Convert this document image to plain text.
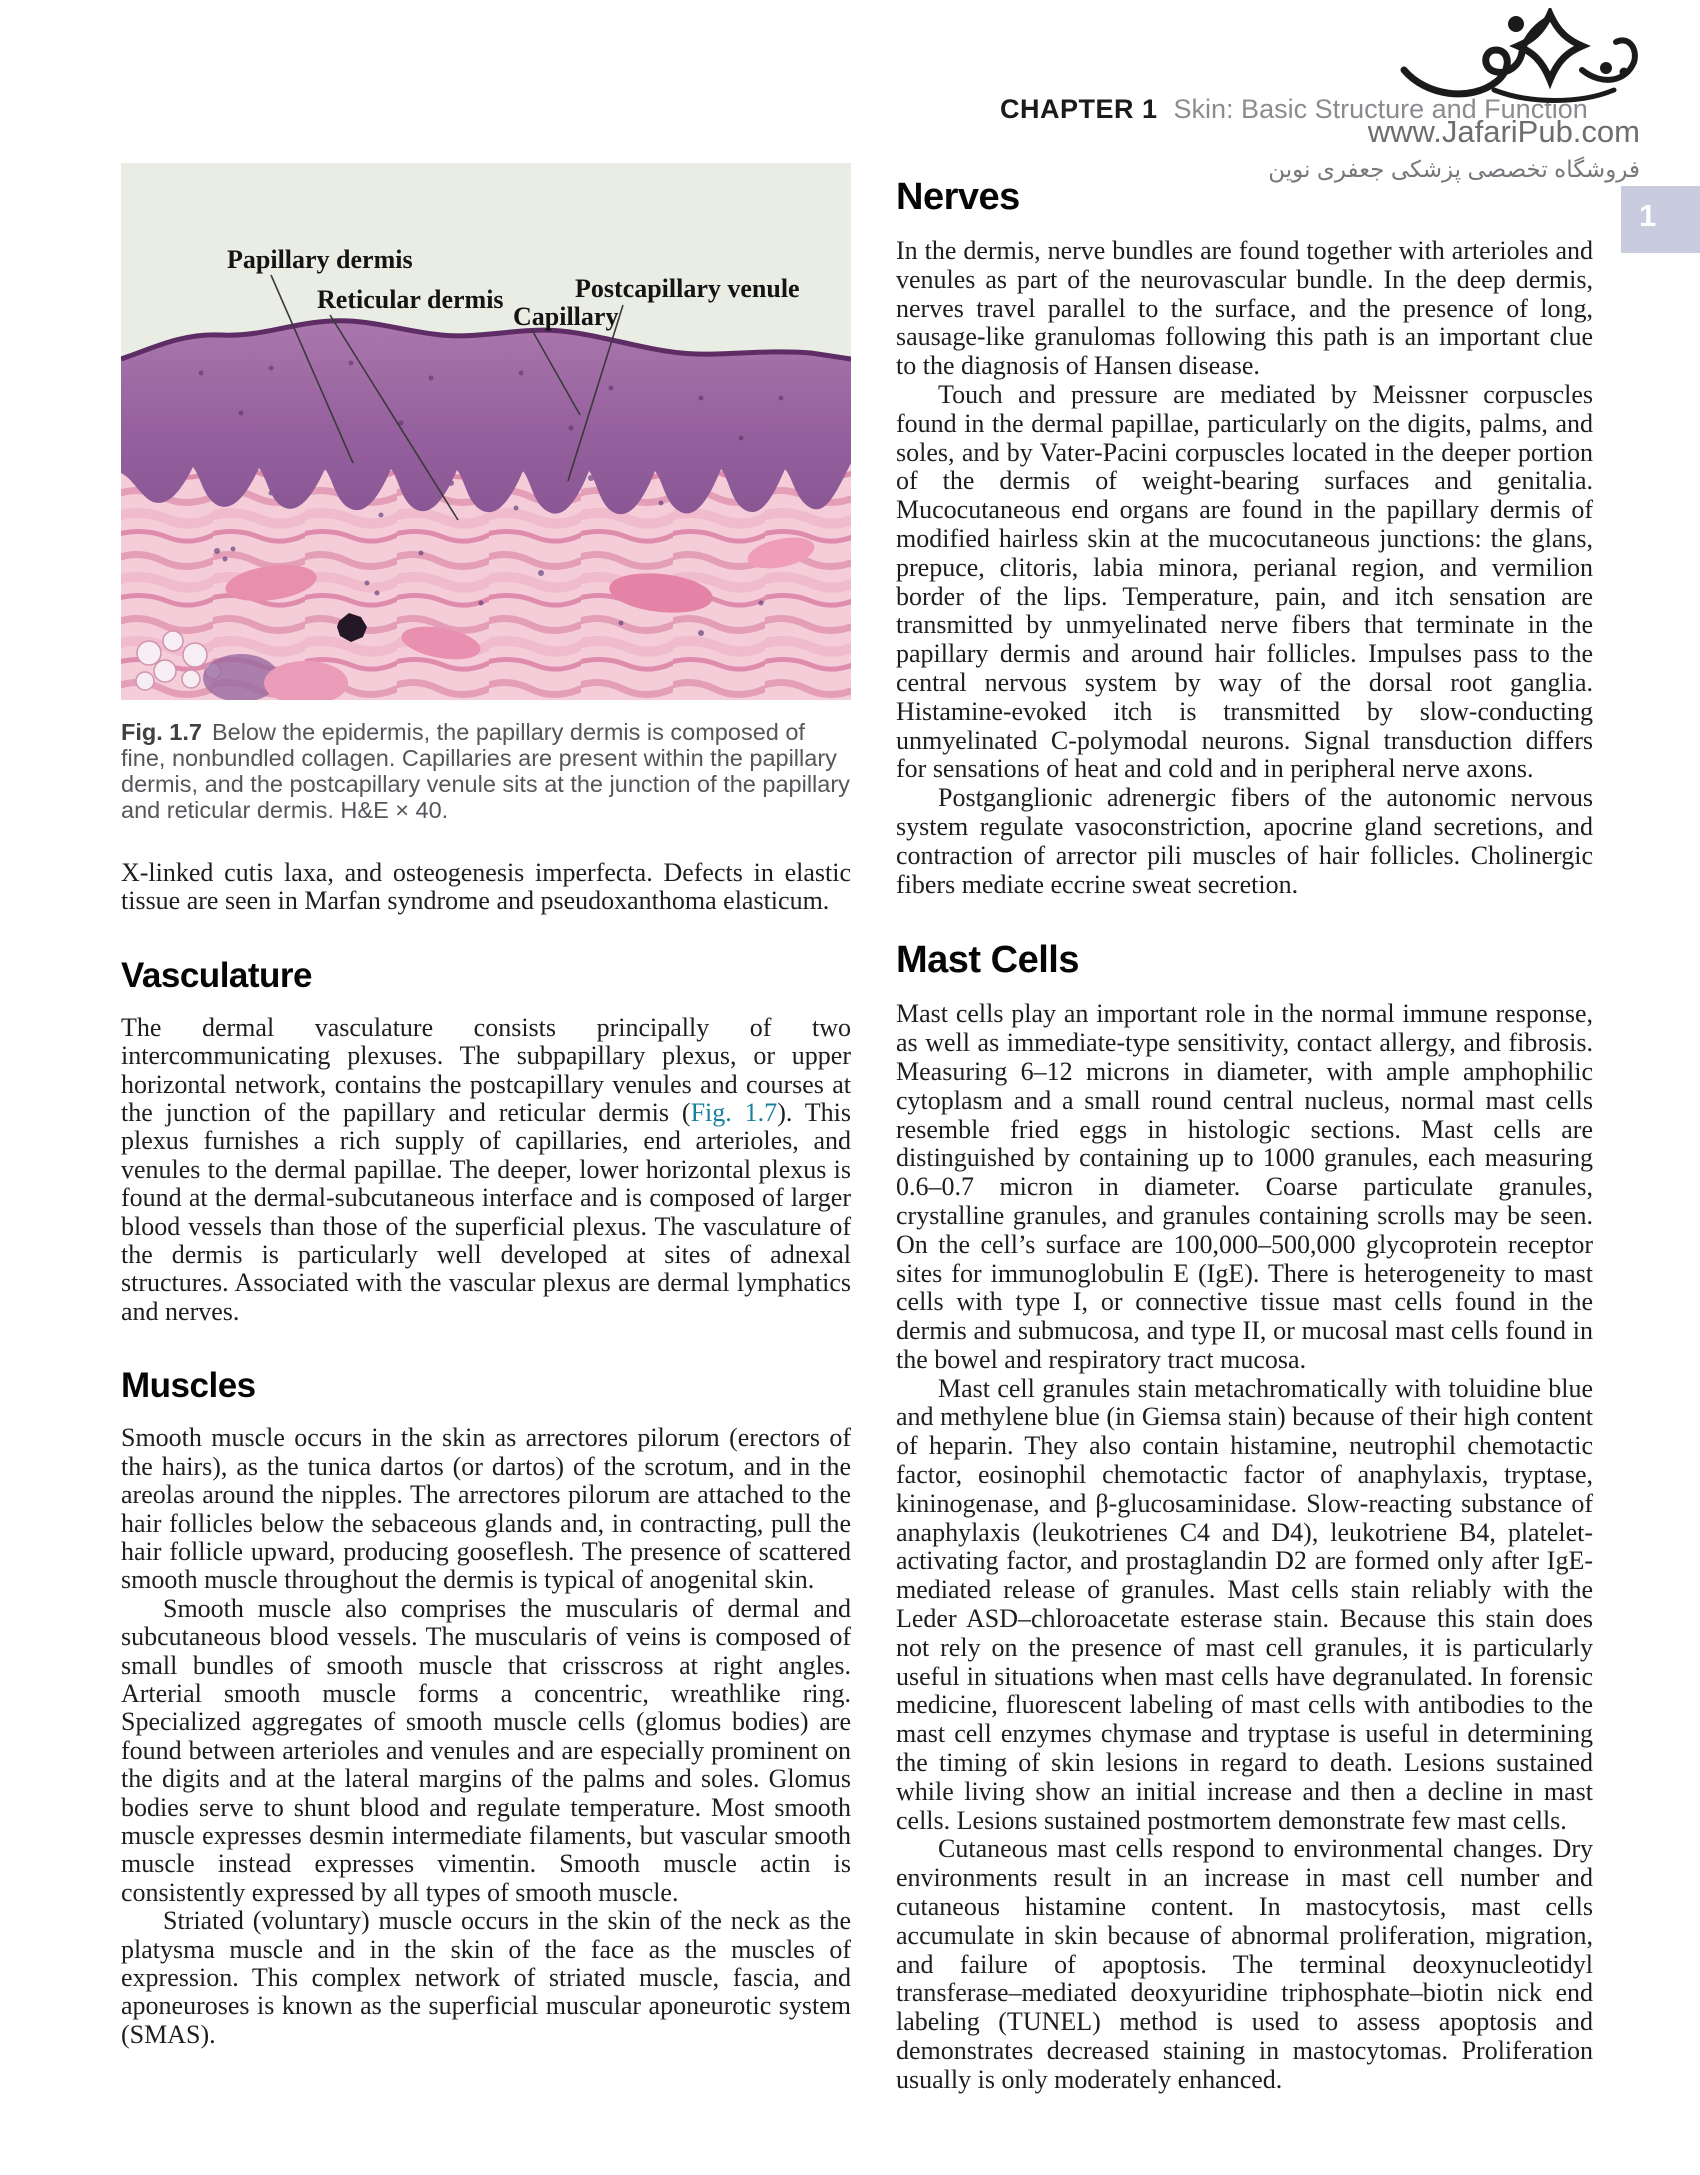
CHAPTER 1 Skin: Basic Structure and Function
www.JafariPub.com
فروشگاه تخصصی پزشکی جعفری نوین
1
Papillary dermis
Reticular dermis
Capillary
Postcapillary venule

Fig. 1.7 Below the epidermis, the papillary dermis is composed of fine, nonbundled collagen. Capillaries are present within the papillary dermis, and the postcapillary venule sits at the junction of the papillary and reticular dermis. H&E × 40.

X-linked cutis laxa, and osteogenesis imperfecta. Defects in elastic tissue are seen in Marfan syndrome and pseudoxanthoma elasticum.

Vasculature

The dermal vasculature consists principally of two intercommunicating plexuses. The subpapillary plexus, or upper horizontal network, contains the postcapillary venules and courses at the junction of the papillary and reticular dermis (Fig. 1.7). This plexus furnishes a rich supply of capillaries, end arterioles, and venules to the dermal papillae. The deeper, lower horizontal plexus is found at the dermal-subcutaneous interface and is composed of larger blood vessels than those of the superficial plexus. The vasculature of the dermis is particularly well developed at sites of adnexal structures. Associated with the vascular plexus are dermal lymphatics and nerves.

Muscles

Smooth muscle occurs in the skin as arrectores pilorum (erectors of the hairs), as the tunica dartos (or dartos) of the scrotum, and in the areolas around the nipples. The arrectores pilorum are attached to the hair follicles below the sebaceous glands and, in contracting, pull the hair follicle upward, producing gooseflesh. The presence of scattered smooth muscle throughout the dermis is typical of anogenital skin.

Smooth muscle also comprises the muscularis of dermal and subcutaneous blood vessels. The muscularis of veins is composed of small bundles of smooth muscle that crisscross at right angles. Arterial smooth muscle forms a concentric, wreathlike ring. Specialized aggregates of smooth muscle cells (glomus bodies) are found between arterioles and venules and are especially prominent on the digits and at the lateral margins of the palms and soles. Glomus bodies serve to shunt blood and regulate temperature. Most smooth muscle expresses desmin intermediate filaments, but vascular smooth muscle instead expresses vimentin. Smooth muscle actin is consistently expressed by all types of smooth muscle.

Striated (voluntary) muscle occurs in the skin of the neck as the platysma muscle and in the skin of the face as the muscles of expression. This complex network of striated muscle, fascia, and aponeuroses is known as the superficial muscular aponeurotic system (SMAS).

Nerves

In the dermis, nerve bundles are found together with arterioles and venules as part of the neurovascular bundle. In the deep dermis, nerves travel parallel to the surface, and the presence of long, sausage-like granulomas following this path is an important clue to the diagnosis of Hansen disease.

Touch and pressure are mediated by Meissner corpuscles found in the dermal papillae, particularly on the digits, palms, and soles, and by Vater-Pacini corpuscles located in the deeper portion of the dermis of weight-bearing surfaces and genitalia. Mucocutaneous end organs are found in the papillary dermis of modified hairless skin at the mucocutaneous junctions: the glans, prepuce, clitoris, labia minora, perianal region, and vermilion border of the lips. Temperature, pain, and itch sensation are transmitted by unmyelinated nerve fibers that terminate in the papillary dermis and around hair follicles. Impulses pass to the central nervous system by way of the dorsal root ganglia. Histamine-evoked itch is transmitted by slow-conducting unmyelinated C-polymodal neurons. Signal transduction differs for sensations of heat and cold and in peripheral nerve axons.

Postganglionic adrenergic fibers of the autonomic nervous system regulate vasoconstriction, apocrine gland secretions, and contraction of arrector pili muscles of hair follicles. Cholinergic fibers mediate eccrine sweat secretion.

Mast Cells

Mast cells play an important role in the normal immune response, as well as immediate-type sensitivity, contact allergy, and fibrosis. Measuring 6–12 microns in diameter, with ample amphophilic cytoplasm and a small round central nucleus, normal mast cells resemble fried eggs in histologic sections. Mast cells are distinguished by containing up to 1000 granules, each measuring 0.6–0.7 micron in diameter. Coarse particulate granules, crystalline granules, and granules containing scrolls may be seen. On the cell’s surface are 100,000–500,000 glycoprotein receptor sites for immunoglobulin E (IgE). There is heterogeneity to mast cells with type I, or connective tissue mast cells found in the dermis and submucosa, and type II, or mucosal mast cells found in the bowel and respiratory tract mucosa.

Mast cell granules stain metachromatically with toluidine blue and methylene blue (in Giemsa stain) because of their high content of heparin. They also contain histamine, neutrophil chemotactic factor, eosinophil chemotactic factor of anaphylaxis, tryptase, kininogenase, and β-glucosaminidase. Slow-reacting substance of anaphylaxis (leukotrienes C4 and D4), leukotriene B4, platelet-activating factor, and prostaglandin D2 are formed only after IgE-mediated release of granules. Mast cells stain reliably with the Leder ASD–chloroacetate esterase stain. Because this stain does not rely on the presence of mast cell granules, it is particularly useful in situations when mast cells have degranulated. In forensic medicine, fluorescent labeling of mast cells with antibodies to the mast cell enzymes chymase and tryptase is useful in determining the timing of skin lesions in regard to death. Lesions sustained while living show an initial increase and then a decline in mast cells. Lesions sustained postmortem demonstrate few mast cells.

Cutaneous mast cells respond to environmental changes. Dry environments result in an increase in mast cell number and cutaneous histamine content. In mastocytosis, mast cells accumulate in skin because of abnormal proliferation, migration, and failure of apoptosis. The terminal deoxynucleotidyl transferase–mediated deoxyuridine triphosphate–biotin nick end labeling (TUNEL) method is used to assess apoptosis and demonstrates decreased staining in mastocytomas. Proliferation usually is only moderately enhanced.
